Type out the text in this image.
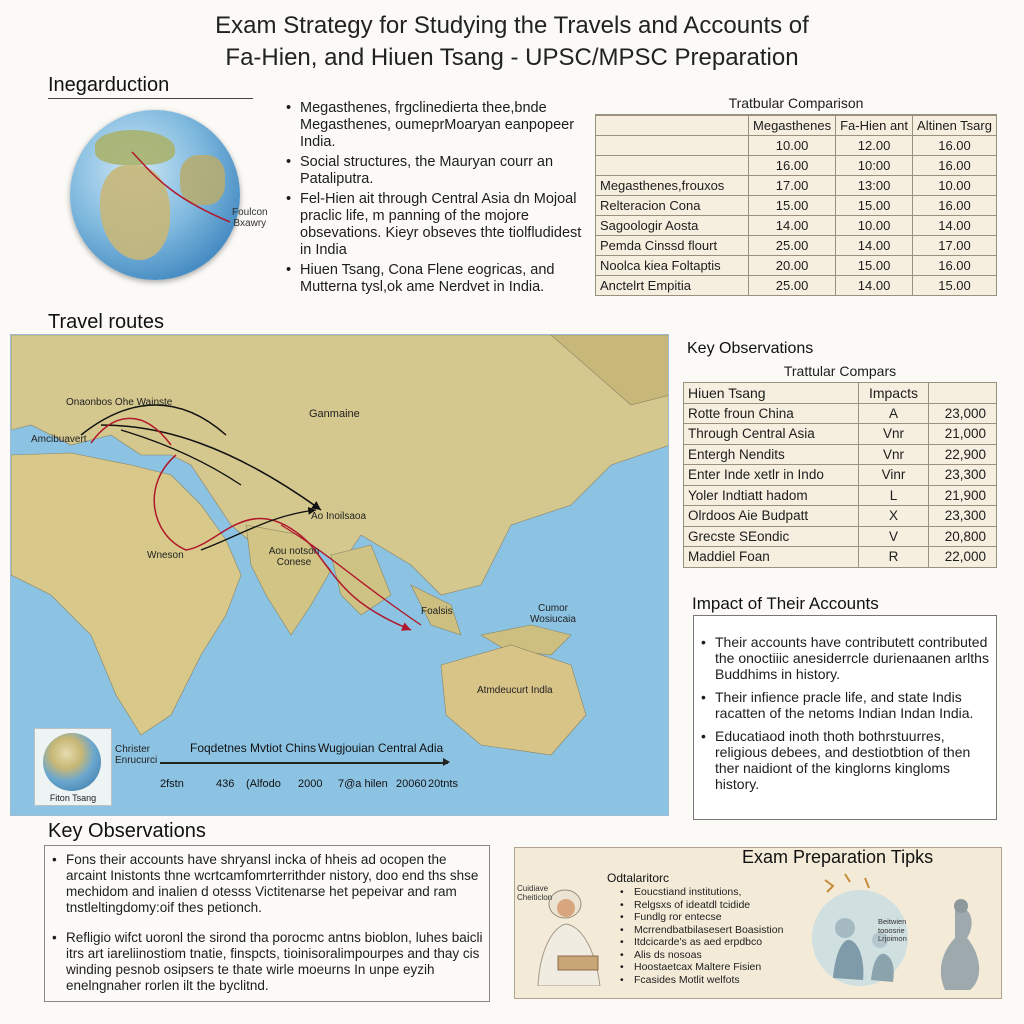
Exam Strategy for Studying the Travels and Accounts of
Fa-Hien, and Hiuen Tsang - UPSC/MPSC Preparation
Inegarduction
Foulcon
Bxawry
• Megasthenes, frgclinedierta thee,bnde Megasthenes, oumeprMoaryan eanpopeer India.
• Social structures, the Mauryan courr an Pataliputra.
• Fel-Hien ait through Central Asia dn Mojoal praclic life, m panning of the mojore obsevations. Kieyr obseves thte tiolfludidest in India
• Hiuen Tsang, Cona Flene eogricas, and Mutterna tysl,ok ame Nerdvet in India.
Tratbular Comparison
	Megasthenes	Fa-Hien ant	Altinen Tsarg
	10.00	12.00	16.00
	16.00	10:00	16.00
Megasthenes,frouxos	17.00	13:00	10.00
Relteracion Cona	15.00	15.00	16.00
Sagoologir Aosta	14.00	10.00	14.00
Pemda Cinssd flourt	25.00	14.00	17.00
Noolca kiea Foltaptis	20.00	15.00	16.00
Anctelrt Empitia	25.00	14.00	15.00
Travel routes
Onaonbos Ohe Wainste
Amcibuavert
Ganmaine
Ao Inoilsaoa
Wneson	Aou notson Conese
Foalsis	Cumor Wosiucaia
Atmdeucurt Indla
Christer Enrucurci
Fiton Tsang
Foqdetnes Mvtiot Chins Wugjouian Central Adia
2fstn	436 (Alfodo 2000 7@a hilen 20060 20tnts
Key Observations
Trattular Compars
Hiuen Tsang	Impacts	
Rotte froun China	A	23,000
Through Central Asia	Vnr	21,000
Entergh Nendits	Vnr	22,900
Enter Inde xetlr in Indo	Vinr	23,300
Yoler Indtiatt hadom	L	21,900
Olrdoos Aie Budpatt	X	23,300
Grecste SEondic	V	20,800
Maddiel Foan	R	22,000
Impact of Their Accounts
• Their accounts have contributett contributed the onoctiiic anesiderrcle durienaanen arlths Buddhims in history.
• Their infience pracle life, and state Indis racatten of the netoms Indian Indan India.
• Educatiaod inoth thoth bothrstuurres, religious debees, and destiotbtion of then ther naidiont of the kinglorns kingloms history.
Key Observations
• Fons their accounts have shryansl incka of hheis ad ocopen the arcaint Inistonts thne wcrtcamfomrterrithder nistory, doo end ths shse mechidom and inalien d otesss Victitenarse het pepeivar and ram tnstleltingdomy:oif thes petionch.
• Refligio wifct uoronl the sirond tha porocmc antns bioblon, luhes baicli itrs art iareliinostiom tnatie, finspcts, tioinisoralimpourpes and thay cis winding pesnob osipsers te thate wirle moeurns In unpe eyzih enelngnaher rorlen ilt the byclitnd.
Exam Preparation Tipks
Odtalaritorc
Cuidiave Cheiticlon	• Eoucstiand institutions,
• Relgsxs of ideatdl tcidide
• Fundlg ror entecse
• Mcrrendbatbilasesert Boasistion
• Itdcicarde's as aed erpdbco
• Alis ds nosoas
• Hoostaetcax Maltere Fisien
• Fcasides Motlit welfots
Beitwien tooosrie Lrjoimon
